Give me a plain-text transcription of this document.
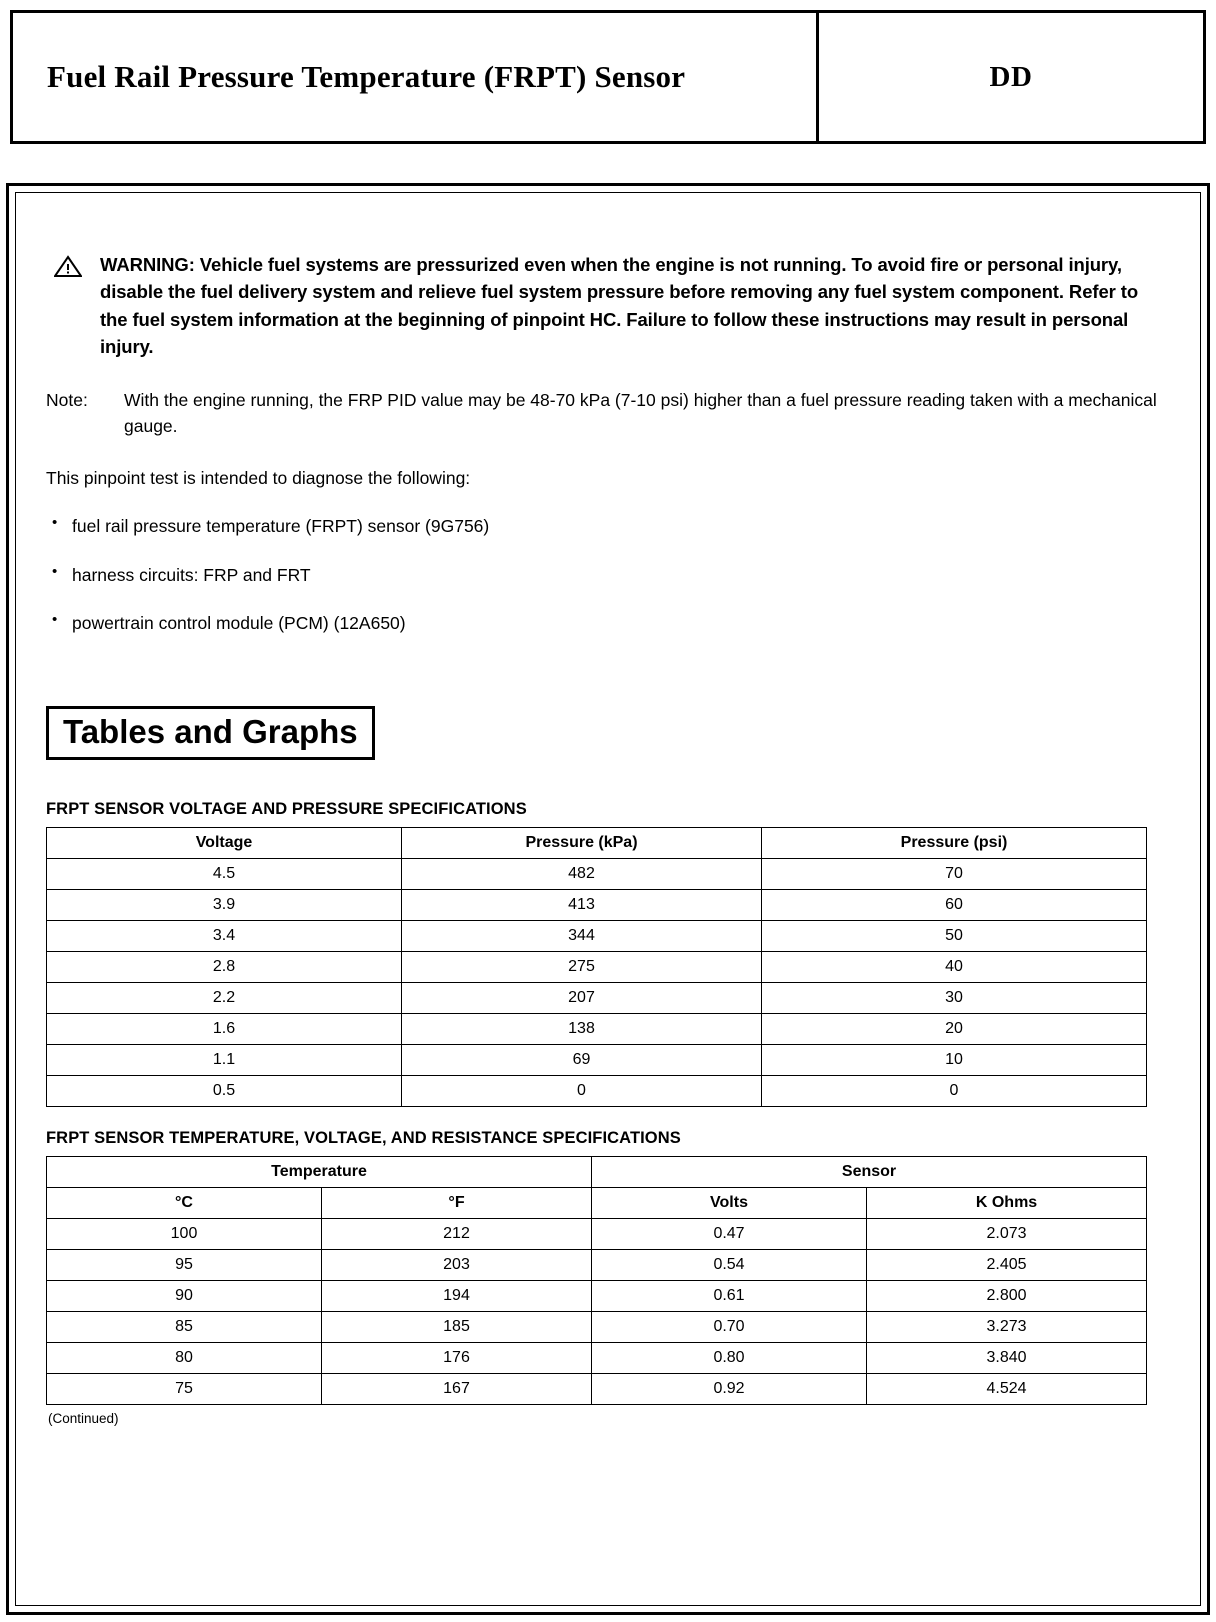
Fuel Rail Pressure Temperature (FRPT) Sensor	DD
WARNING: Vehicle fuel systems are pressurized even when the engine is not running. To avoid fire or personal injury, disable the fuel delivery system and relieve fuel system pressure before removing any fuel system component. Refer to the fuel system information at the beginning of pinpoint HC. Failure to follow these instructions may result in personal injury.
Note:	With the engine running, the FRP PID value may be 48-70 kPa (7-10 psi) higher than a fuel pressure reading taken with a mechanical gauge.
This pinpoint test is intended to diagnose the following:
• fuel rail pressure temperature (FRPT) sensor (9G756)
• harness circuits: FRP and FRT
• powertrain control module (PCM) (12A650)
Tables and Graphs
FRPT SENSOR VOLTAGE AND PRESSURE SPECIFICATIONS
Voltage	Pressure (kPa)	Pressure (psi)
4.5	482	70
3.9	413	60
3.4	344	50
2.8	275	40
2.2	207	30
1.6	138	20
1.1	69	10
0.5	0	0
FRPT SENSOR TEMPERATURE, VOLTAGE, AND RESISTANCE SPECIFICATIONS
Temperature		Sensor	
°C	°F	Volts	K Ohms
100	212	0.47	2.073
95	203	0.54	2.405
90	194	0.61	2.800
85	185	0.70	3.273
80	176	0.80	3.840
75	167	0.92	4.524
(Continued)
